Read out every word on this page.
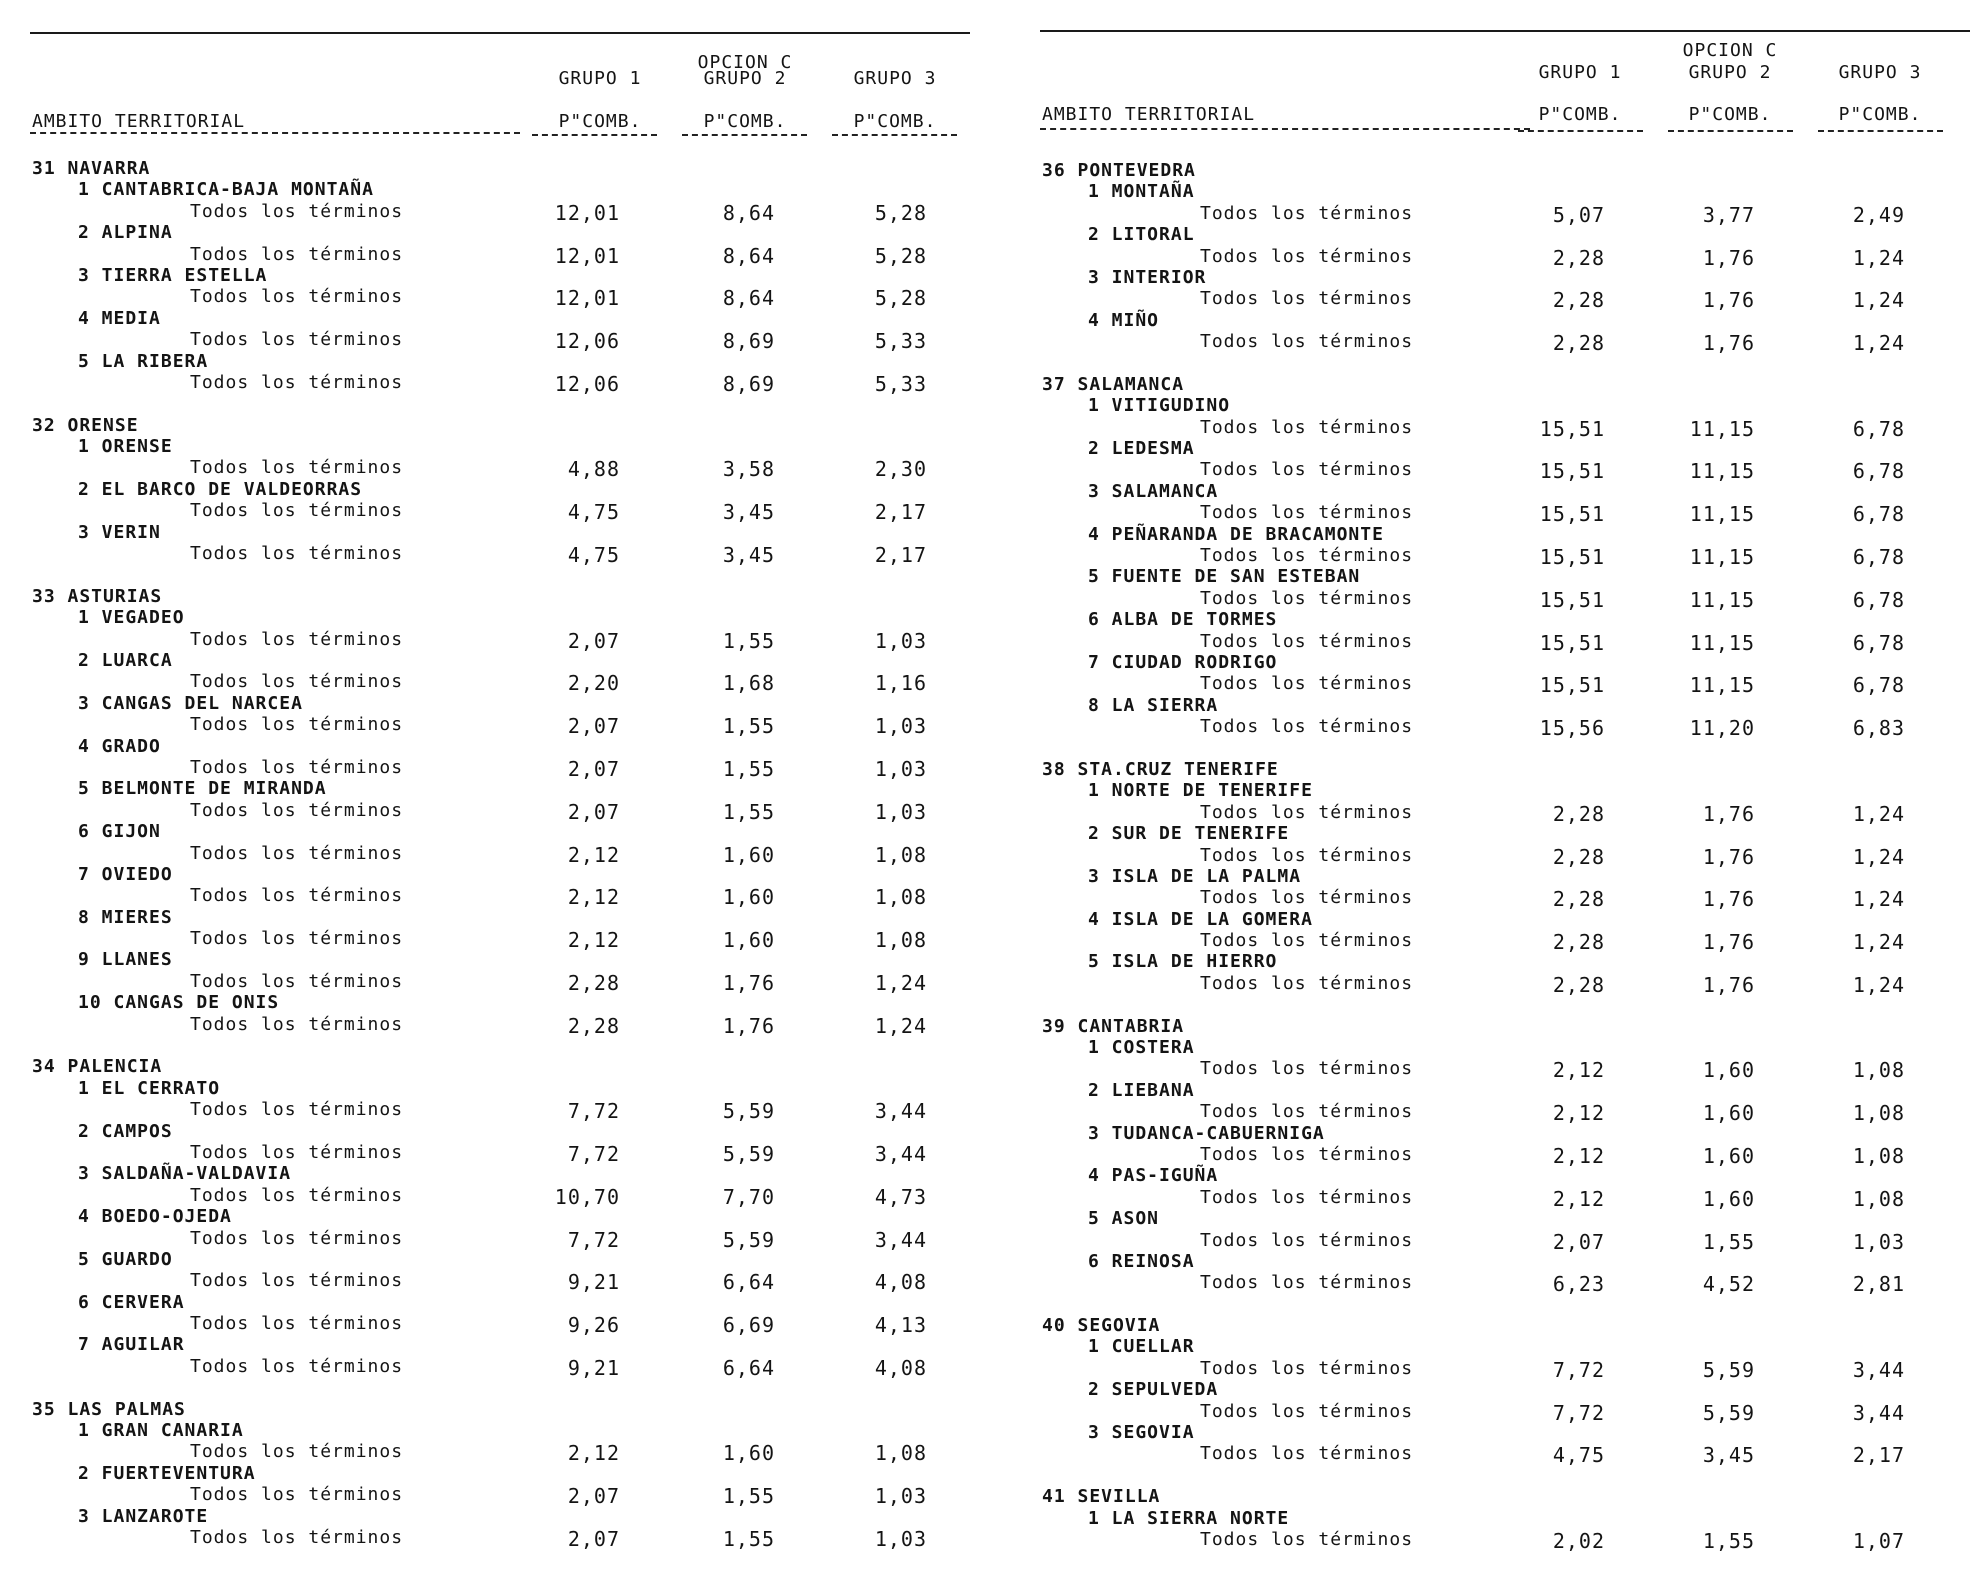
OPCION C
GRUPO 1	GRUPO 2	GRUPO 3
AMBITO TERRITORIAL	P"COMB.	P"COMB.	P"COMB.
31 NAVARRA
1 CANTABRICA-BAJA MONTAÑA
Todos los términos	12,01	8,64	5,28
2 ALPINA
Todos los términos	12,01	8,64	5,28
3 TIERRA ESTELLA
Todos los términos	12,01	8,64	5,28
4 MEDIA
Todos los términos	12,06	8,69	5,33
5 LA RIBERA
Todos los términos	12,06	8,69	5,33
32 ORENSE
1 ORENSE
Todos los términos	4,88	3,58	2,30
2 EL BARCO DE VALDEORRAS
Todos los términos	4,75	3,45	2,17
3 VERIN
Todos los términos	4,75	3,45	2,17
33 ASTURIAS
1 VEGADEO
Todos los términos	2,07	1,55	1,03
2 LUARCA
Todos los términos	2,20	1,68	1,16
3 CANGAS DEL NARCEA
Todos los términos	2,07	1,55	1,03
4 GRADO
Todos los términos	2,07	1,55	1,03
5 BELMONTE DE MIRANDA
Todos los términos	2,07	1,55	1,03
6 GIJON
Todos los términos	2,12	1,60	1,08
7 OVIEDO
Todos los términos	2,12	1,60	1,08
8 MIERES
Todos los términos	2,12	1,60	1,08
9 LLANES
Todos los términos	2,28	1,76	1,24
10 CANGAS DE ONIS
Todos los términos	2,28	1,76	1,24
34 PALENCIA
1 EL CERRATO
Todos los términos	7,72	5,59	3,44
2 CAMPOS
Todos los términos	7,72	5,59	3,44
3 SALDAÑA-VALDAVIA
Todos los términos	10,70	7,70	4,73
4 BOEDO-OJEDA
Todos los términos	7,72	5,59	3,44
5 GUARDO
Todos los términos	9,21	6,64	4,08
6 CERVERA
Todos los términos	9,26	6,69	4,13
7 AGUILAR
Todos los términos	9,21	6,64	4,08
35 LAS PALMAS
1 GRAN CANARIA
Todos los términos	2,12	1,60	1,08
2 FUERTEVENTURA
Todos los términos	2,07	1,55	1,03
3 LANZAROTE
Todos los términos	2,07	1,55	1,03
OPCION C
GRUPO 1	GRUPO 2	GRUPO 3
AMBITO TERRITORIAL	P"COMB.	P"COMB.	P"COMB.
36 PONTEVEDRA
1 MONTAÑA
Todos los términos	5,07	3,77	2,49
2 LITORAL
Todos los términos	2,28	1,76	1,24
3 INTERIOR
Todos los términos	2,28	1,76	1,24
4 MIÑO
Todos los términos	2,28	1,76	1,24
37 SALAMANCA
1 VITIGUDINO
Todos los términos	15,51	11,15	6,78
2 LEDESMA
Todos los términos	15,51	11,15	6,78
3 SALAMANCA
Todos los términos	15,51	11,15	6,78
4 PEÑARANDA DE BRACAMONTE
Todos los términos	15,51	11,15	6,78
5 FUENTE DE SAN ESTEBAN
Todos los términos	15,51	11,15	6,78
6 ALBA DE TORMES
Todos los términos	15,51	11,15	6,78
7 CIUDAD RODRIGO
Todos los términos	15,51	11,15	6,78
8 LA SIERRA
Todos los términos	15,56	11,20	6,83
38 STA.CRUZ TENERIFE
1 NORTE DE TENERIFE
Todos los términos	2,28	1,76	1,24
2 SUR DE TENERIFE
Todos los términos	2,28	1,76	1,24
3 ISLA DE LA PALMA
Todos los términos	2,28	1,76	1,24
4 ISLA DE LA GOMERA
Todos los términos	2,28	1,76	1,24
5 ISLA DE HIERRO
Todos los términos	2,28	1,76	1,24
39 CANTABRIA
1 COSTERA
Todos los términos	2,12	1,60	1,08
2 LIEBANA
Todos los términos	2,12	1,60	1,08
3 TUDANCA-CABUERNIGA
Todos los términos	2,12	1,60	1,08
4 PAS-IGUÑA
Todos los términos	2,12	1,60	1,08
5 ASON
Todos los términos	2,07	1,55	1,03
6 REINOSA
Todos los términos	6,23	4,52	2,81
40 SEGOVIA
1 CUELLAR
Todos los términos	7,72	5,59	3,44
2 SEPULVEDA
Todos los términos	7,72	5,59	3,44
3 SEGOVIA
Todos los términos	4,75	3,45	2,17
41 SEVILLA
1 LA SIERRA NORTE
Todos los términos	2,02	1,55	1,07
